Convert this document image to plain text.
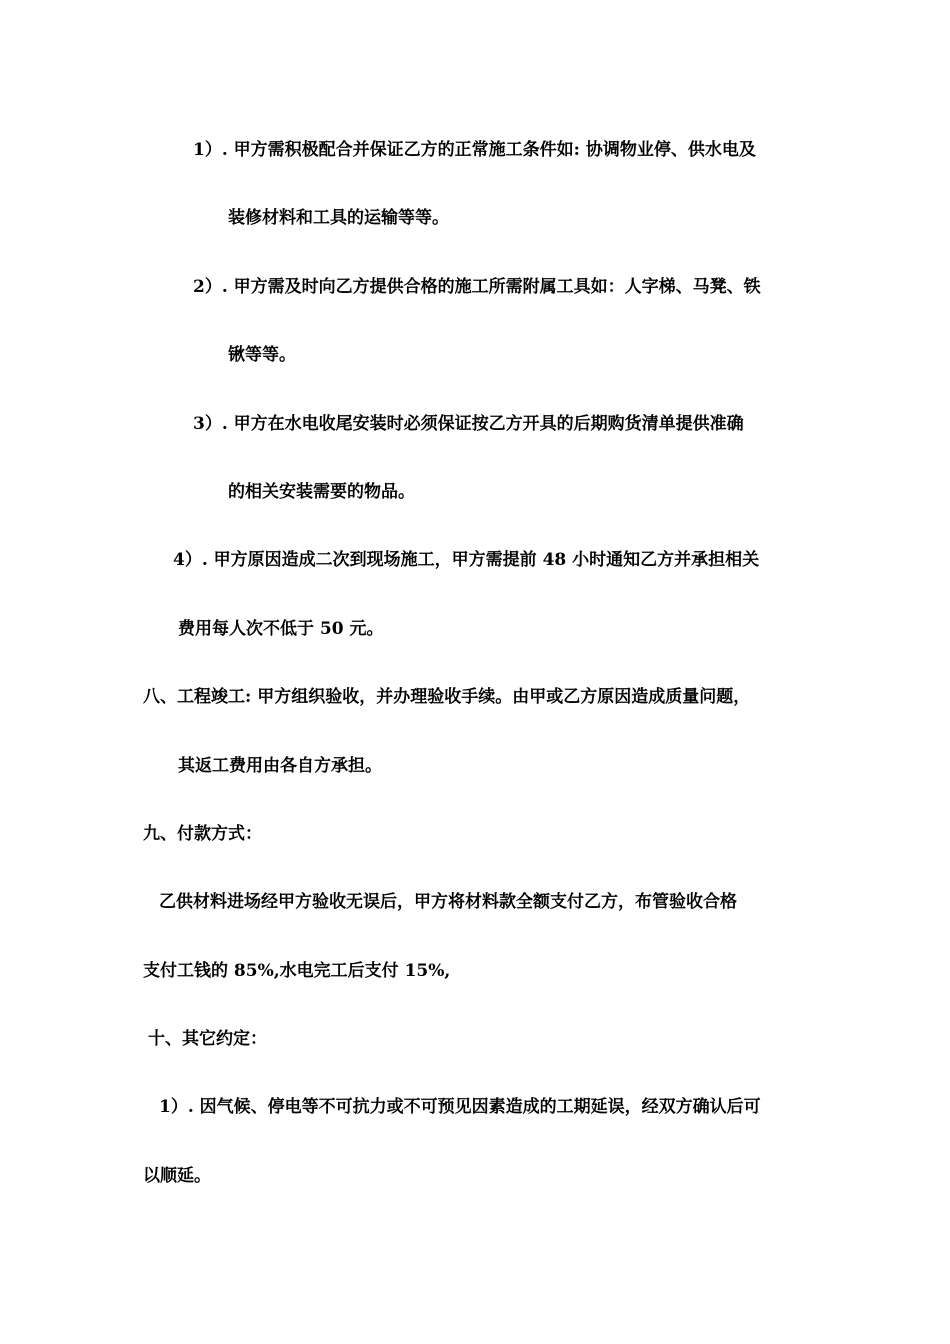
1）. 甲方需积极配合并保证乙方的正常施工条件如: 协调物业停、供水电及
装修材料和工具的运输等等。
2）. 甲方需及时向乙方提供合格的施工所需附属工具如：人字梯、马凳、铁
锹等等。
3）. 甲方在水电收尾安装时必须保证按乙方开具的后期购货清单提供准确
的相关安装需要的物品。
4）. 甲方原因造成二次到现场施工，甲方需提前 48 小时通知乙方并承担相关
费用每人次不低于 50 元。
八、工程竣工: 甲方组织验收，并办理验收手续。由甲或乙方原因造成质量问题，
其返工费用由各自方承担。
九、付款方式：
乙供材料进场经甲方验收无误后，甲方将材料款全额支付乙方，布管验收合格
支付工钱的 85%,水电完工后支付 15%,
十、其它约定：
1）. 因气候、停电等不可抗力或不可预见因素造成的工期延误，经双方确认后可
以顺延。
